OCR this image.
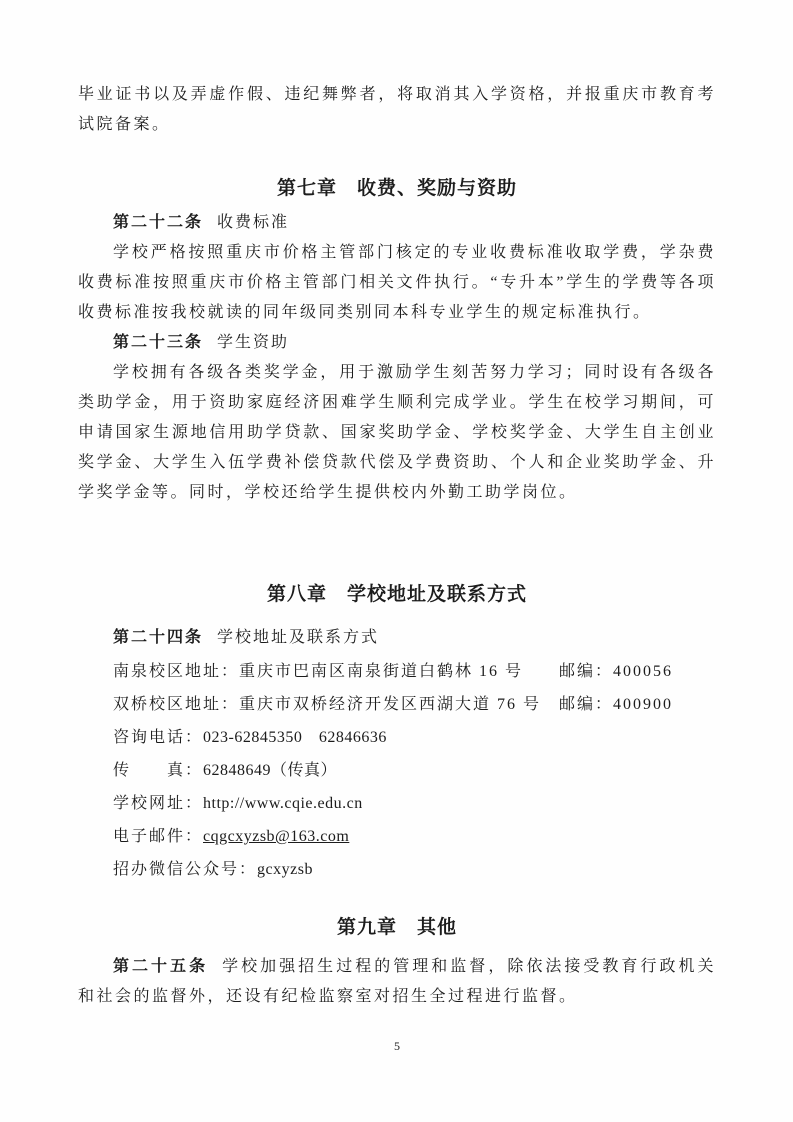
毕业证书以及弄虚作假、违纪舞弊者，将取消其入学资格，并报重庆市教育考试院备案。

第七章　收费、奖励与资助
第二十二条 收费标准

学校严格按照重庆市价格主管部门核定的专业收费标准收取学费，学杂费收费标准按照重庆市价格主管部门相关文件执行。“专升本”学生的学费等各项收费标准按我校就读的同年级同类别同本科专业学生的规定标准执行。

第二十三条 学生资助

学校拥有各级各类奖学金，用于激励学生刻苦努力学习；同时设有各级各类助学金，用于资助家庭经济困难学生顺利完成学业。学生在校学习期间，可申请国家生源地信用助学贷款、国家奖助学金、学校奖学金、大学生自主创业奖学金、大学生入伍学费补偿贷款代偿及学费资助、个人和企业奖助学金、升学奖学金等。同时，学校还给学生提供校内外勤工助学岗位。

第八章　学校地址及联系方式
第二十四条 学校地址及联系方式
南泉校区地址：重庆市巴南区南泉街道白鹤林 16 号　　邮编：400056
双桥校区地址：重庆市双桥经济开发区西湖大道 76 号　邮编：400900
咨询电话：023-62845350　62846636
传　　真：62848649（传真）
学校网址：http://www.cqie.edu.cn
电子邮件：cqgcxyzsb@163.com
招办微信公众号：gcxyzsb
第九章　其他

第二十五条 学校加强招生过程的管理和监督，除依法接受教育行政机关和社会的监督外，还设有纪检监察室对招生全过程进行监督。

5
